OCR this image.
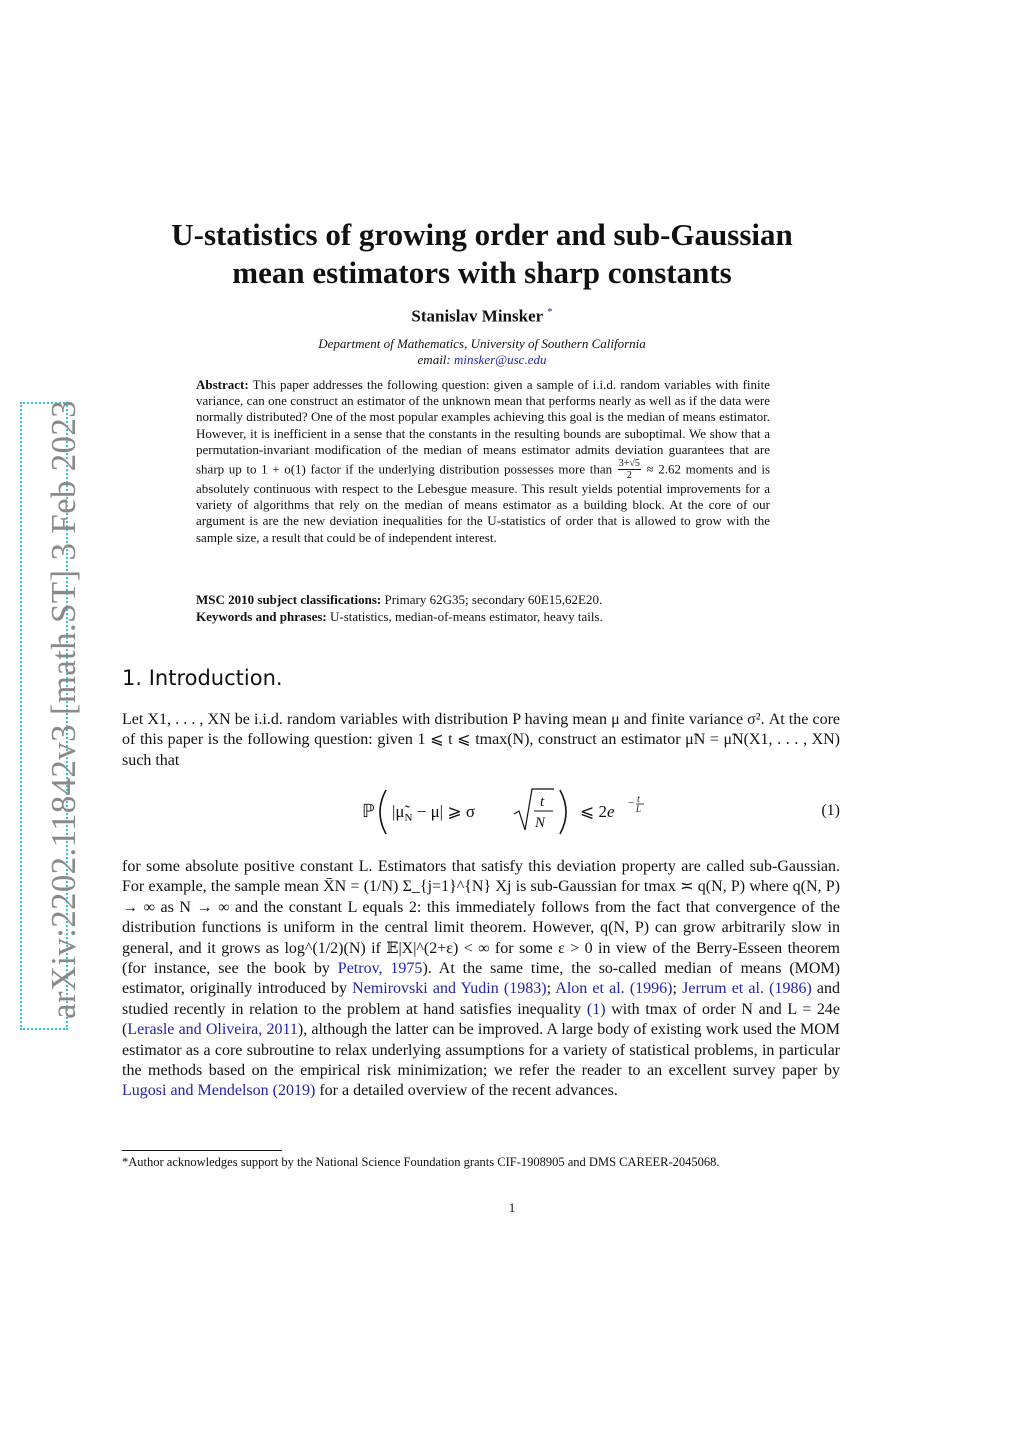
arXiv:2202.11842v3 [math.ST] 3 Feb 2023
U-statistics of growing order and sub-Gaussian
mean estimators with sharp constants
Stanislav Minsker *
Department of Mathematics, University of Southern California
email: minsker@usc.edu
Abstract: This paper addresses the following question: given a sample of i.i.d. random variables with finite variance, can one construct an estimator of the unknown mean that performs nearly as well as if the data were normally distributed? One of the most popular examples achieving this goal is the median of means estimator. However, it is inefficient in a sense that the constants in the resulting bounds are suboptimal. We show that a permutation-invariant modification of the median of means estimator admits deviation guarantees that are sharp up to 1 + o(1) factor if the underlying distribution possesses more than $\frac{3+√5}{2} \approx 2.62$ moments and is absolutely continuous with respect to the Lebesgue measure. This result yields potential improvements for a variety of algorithms that rely on the median of means estimator as a building block. At the core of our argument is are the new deviation inequalities for the U-statistics of order that is allowed to grow with the sample size, a result that could be of independent interest.
MSC 2010 subject classifications: Primary 62G35; secondary 60E15,62E20.
Keywords and phrases: U-statistics, median-of-means estimator, heavy tails.
1. Introduction.
Let X1, . . . , XN be i.i.d. random variables with distribution P having mean μ and finite variance σ². At the core of this paper is the following question: given 1 ⩽ t ⩽ tmax(N), construct an estimator μ̃N = μ̃N(X1, . . . , XN) such that
ℙ $|\mũ_N - \mu|$ ⩾ σ	t
N
⩽ 2e − t
L	(1)
for some absolute positive constant L. Estimators that satisfy this deviation property are called sub-Gaussian. For example, the sample mean X̄N = (1/N) Σ_{j=1}^{N} Xj is sub-Gaussian for tmax ≍ q(N, P) where q(N, P) → ∞ as N → ∞ and the constant L equals 2: this immediately follows from the fact that convergence of the distribution functions is uniform in the central limit theorem. However, q(N, P) can grow arbitrarily slow in general, and it grows as log^(1/2)(N) if 𝔼|X|^(2+ε) < ∞ for some ε > 0 in view of the Berry-Esseen theorem (for instance, see the book by Petrov, 1975). At the same time, the so-called median of means (MOM) estimator, originally introduced by Nemirovski and Yudin (1983); Alon et al. (1996); Jerrum et al. (1986) and studied recently in relation to the problem at hand satisfies inequality (1) with tmax of order N and L = 24e (Lerasle and Oliveira, 2011), although the latter can be improved. A large body of existing work used the MOM estimator as a core subroutine to relax underlying assumptions for a variety of statistical problems, in particular the methods based on the empirical risk minimization; we refer the reader to an excellent survey paper by Lugosi and Mendelson (2019) for a detailed overview of the recent advances.
*Author acknowledges support by the National Science Foundation grants CIF-1908905 and DMS CAREER-2045068.
1
